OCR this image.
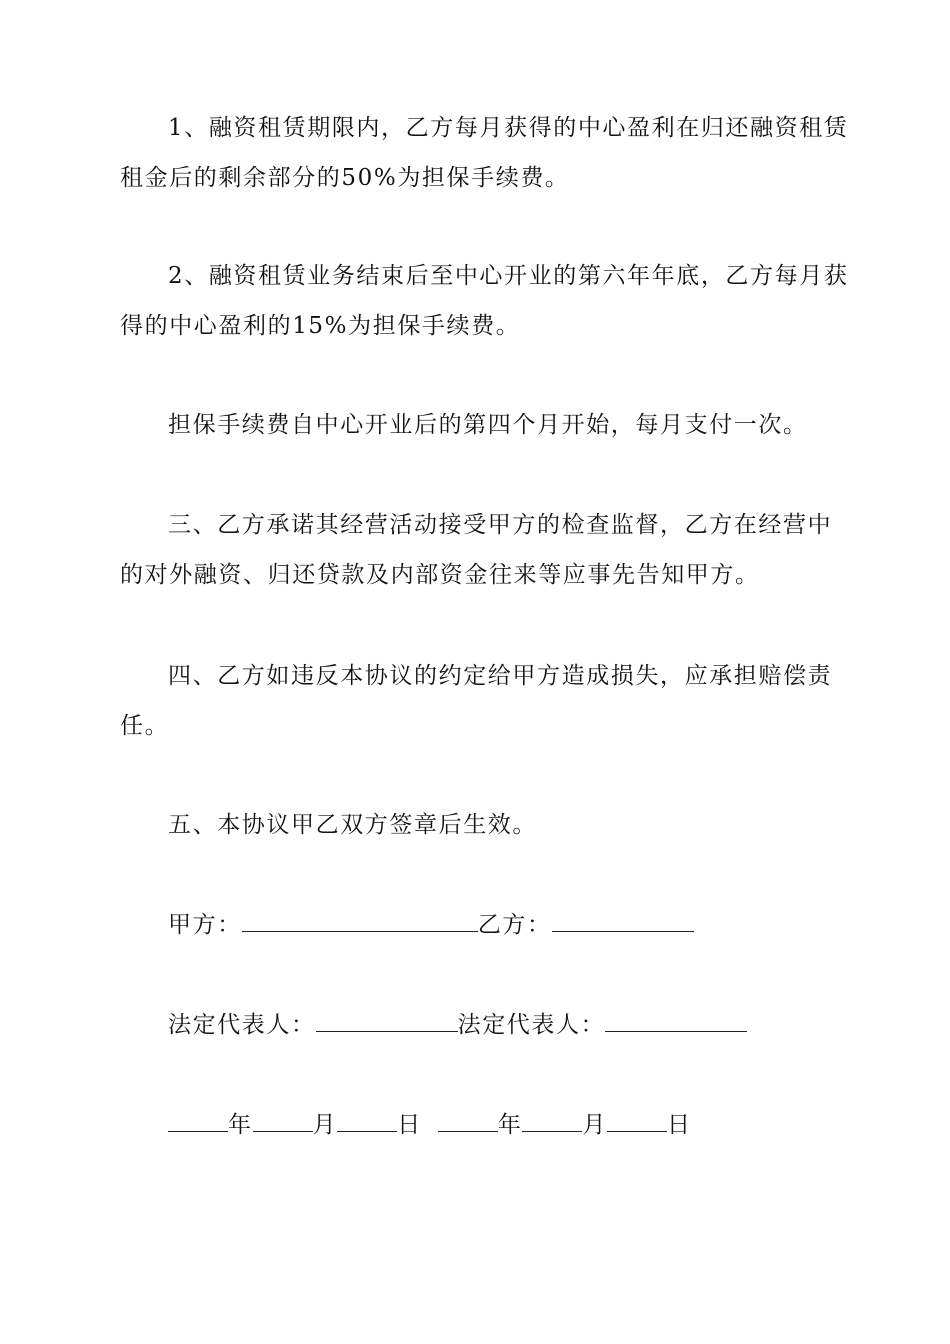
1、融资租赁期限内，乙方每月获得的中心盈利在归还融资租赁
租金后的剩余部分的50%为担保手续费。

2、融资租赁业务结束后至中心开业的第六年年底，乙方每月获
得的中心盈利的15%为担保手续费。

担保手续费自中心开业后的第四个月开始，每月支付一次。

三、乙方承诺其经营活动接受甲方的检查监督，乙方在经营中
的对外融资、归还贷款及内部资金往来等应事先告知甲方。

四、乙方如违反本协议的约定给甲方造成损失，应承担赔偿责
任。

五、本协议甲乙双方签章后生效。

甲方：	乙方：

法定代表人：	法定代表人：

年	月	日	年	月	日
